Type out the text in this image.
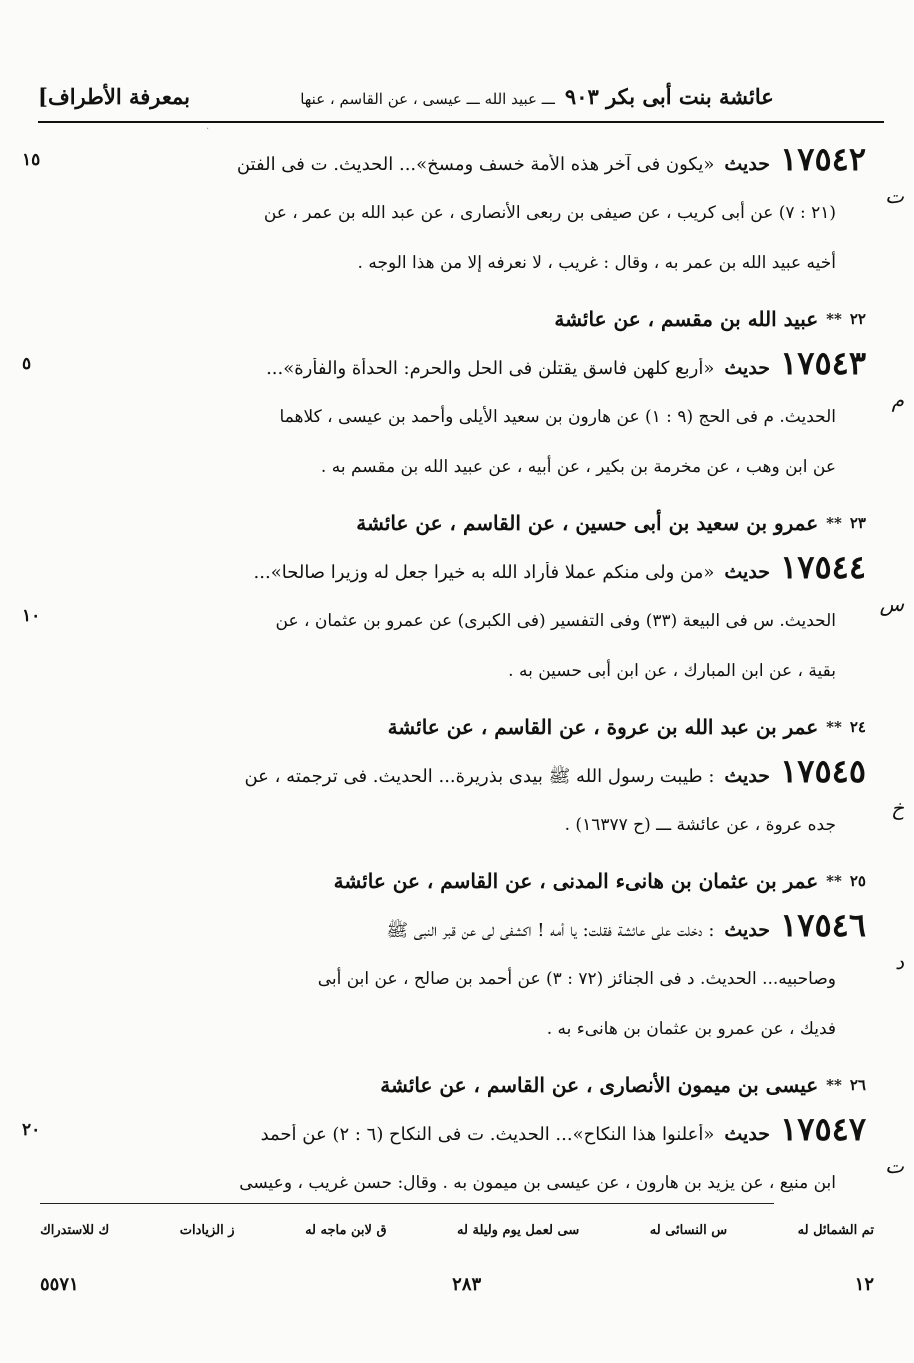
بمعرفة الأطراف]	عائشة بنت أبى بكر ٩٠٣
ـــ عبيد الله ـــ عيسى ، عن القاسم ، عنها
·
١٧٥٤٢
حديث
«يكون فى آخر هذه الأمة خسف ومسخ»... الحديث. ت فى الفتن
ت
(٢١ : ٧) عن أبى كريب ، عن صيفى بن ربعى الأنصارى ، عن عبد الله بن عمر ، عن
أخيه عبيد الله بن عمر به ، وقال : غريب ، لا نعرفه إلا من هذا الوجه .
٢٢
**
عبيد الله بن مقسم ، عن عائشة
٥	١٧٥٤٣
حديث
«أربع كلهن فاسق يقتلن فى الحل والحرم: الحدأة والفأرة»...
م
الحديث. م فى الحج (٩ : ١) عن هارون بن سعيد الأيلى وأحمد بن عيسى ، كلاهما
عن ابن وهب ، عن مخرمة بن بكير ، عن أبيه ، عن عبيد الله بن مقسم به .
٢٣
**
عمرو بن سعيد بن أبى حسين ، عن القاسم ، عن عائشة
١٠
١٧٥٤٤
حديث
«من ولى منكم عملا فأراد الله به خيرا جعل له وزيرا صالحا»...
س
الحديث. س فى البيعة (٣٣) وفى التفسير (فى الكبرى) عن عمرو بن عثمان ، عن
بقية ، عن ابن المبارك ، عن ابن أبى حسين به .
٢٤
**
عمر بن عبد الله بن عروة ، عن القاسم ، عن عائشة
١٧٥٤٥
حديث
: طيبت رسول الله ﷺ بيدى بذريرة... الحديث. فى ترجمته ، عن
خ
جده عروة ، عن عائشة ـــ (ح ١٦٣٧٧) .
١٥
٢٥
**
عمر بن عثمان بن هانىء المدنى ، عن القاسم ، عن عائشة
١٧٥٤٦
حديث
: دخلت على عائشة فقلت: يا أمه ! اكشفى لى عن قبر النبى ﷺ
د
وصاحبيه... الحديث. د فى الجنائز (٧٢ : ٣) عن أحمد بن صالح ، عن ابن أبى
فديك ، عن عمرو بن عثمان بن هانىء به .
٢٦
**
عيسى بن ميمون الأنصارى ، عن القاسم ، عن عائشة
٢٠	١٧٥٤٧
حديث
«أعلنوا هذا النكاح»... الحديث. ت فى النكاح (٦ : ٢) عن أحمد
ت
ابن منيع ، عن يزيد بن هارون ، عن عيسى بن ميمون به . وقال: حسن غريب ، وعيسى
تم الشمائل له
س النسائى له
سى لعمل يوم وليلة له
ق لابن ماجه له
ز الزيادات
ك للاستدراك
١٢
٢٨٣
٥٥٧١
